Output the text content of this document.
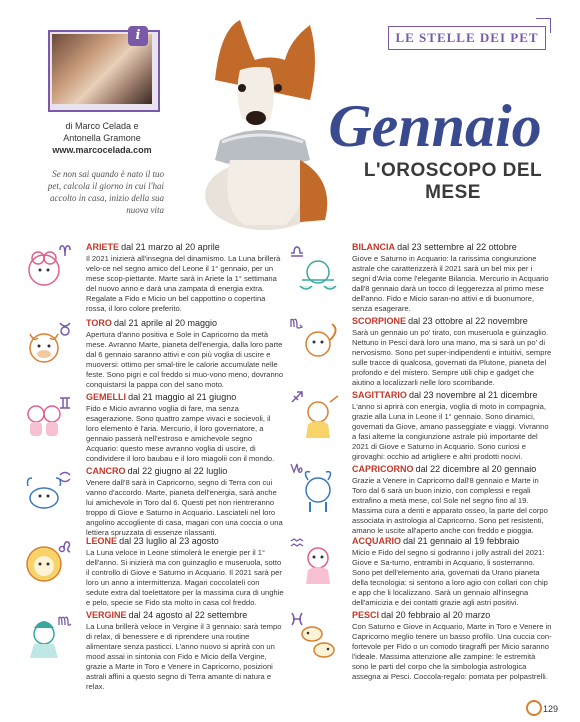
i
di Marco Celada e
Antonella Gramone
www.marcocelada.com
Se non sai quando è nato il tuo pet, calcola il giorno in cui l'hai accolto in casa, inizio della sua nuova vita
LE STELLE DEI PET
Gennaio
L'OROSCOPO DEL MESE
ARIETE dal 21 marzo al 20 aprile
Il 2021 inizierà all'insegna del dinamismo. La Luna brillerà velo-ce nel segno amico del Leone il 1° gennaio, per un mese scop-piettante. Marte sarà in Ariete la 1° settimana del nuovo anno e darà una zampata di energia extra. Regalate a Fido e Micio un bel cappottino o copertina rossa, il loro colore preferito.
TORO dal 21 aprile al 20 maggio
Apertura d'anno positiva e Sole in Capricorno da metà mese. Avranno Marte, pianeta dell'energia, dalla loro parte dal 6 gennaio saranno attivi e con più voglia di uscire e muoversi: ottimo per smal-tire le calorie accumulate nelle feste. Sono pigri e col freddo si muo-vono meno, dovranno conquistarsi la pappa con del sano moto.
GEMELLI dal 21 maggio al 21 giugno
Fido e Micio avranno voglia di fare, ma senza esagerazione. Sono quattro zampe vivaci e socievoli, il loro elemento è l'aria. Mercurio, il loro governatore, a gennaio passerà nell'estroso e amichevole segno Acquario: questo mese avranno voglia di uscire, di condividere il loro baubau e il loro miagolii con il mondo.
CANCRO dal 22 giugno al 22 luglio
Venere dall'8 sarà in Capricorno, segno di Terra con cui vanno d'accordo. Marte, pianeta dell'energia, sarà anche lui amichevole in Toro dal 6. Questi pet non rientreranno troppo di Giove e Saturno in Acquario. Lasciateli nel loro angolino accogliente di casa, magari con una coccia o una lettiera spruzzata di essenze rilassanti.
LEONE dal 23 luglio al 23 agosto
La Luna veloce in Leone stimolerà le energie per il 1° dell'anno. Si inizierà ma con guinzaglio e museruola, sotto il controllo di Giove e Saturno in Acquario. Il 2021 sarà per loro un anno a intermittenza. Magari coccolateli con sedute extra dal toelettatore per la massima cura di unghie e pelo, specie se Fido sta molto in casa col freddo.
VERGINE dal 24 agosto al 22 settembre
La Luna brillerà veloce in Vergine il 3 gennaio: sarà tempo di relax, di benessere e di riprendere una routine alimentare senza pasticci. L'anno nuovo si aprirà con un mood assai in sintonia con Fido e Micio della Vergine, grazie a Marte in Toro e Venere in Capricorno, posizioni astrali affini a questo segno di Terra amante di natura e relax.
BILANCIA dal 23 settembre al 22 ottobre
Giove e Saturno in Acquario: la rarissima congiunzione astrale che caratterizzerà il 2021 sarà un bel mix per i segni d'Aria come l'elegante Bilancia. Mercurio in Acquario dall'8 gennaio darà un tocco di leggerezza al primo mese dell'anno. Fido e Micio saran-no attivi e di buonumore, senza esagerare.
SCORPIONE dal 23 ottobre al 22 novembre
Sarà un gennaio un po' tirato, con museruola e guinzaglio. Nettuno in Pesci darà loro una mano, ma si sarà un po' di nervosismo. Sono pet super-indipendenti e intuitivi, sempre sulle tracce di qualcosa, governati da Plutone, pianeta del profondo e del mistero. Sempre utili chip e gadget che aiutino a localizzarli nelle loro scorribande.
SAGITTARIO dal 23 novembre al 21 dicembre
L'anno si aprirà con energia, voglia di moto in compagnia, grazie alla Luna in Leone il 1° gennaio. Sono dinamici, governati da Giove, amano passeggiate e viaggi. Vivranno a fasi alterne la congiunzione astrale più importante del 2021 di Giove e Saturno in Acquario. Sono curiosi e girovaghi: occhio ad artigliere e altri prodotti nocivi.
CAPRICORNO dal 22 dicembre al 20 gennaio
Grazie a Venere in Capricorno dall'8 gennaio e Marte in Toro dal 6 sarà un buon inizio, con complessi e regali extrafino a metà mese, col Sole nel segno fino al 19. Massima cura a denti e apparato osseo, la parte del corpo associata in astrologia al Capricorno. Sono pet resistenti, amano le uscite all'aperto anche con freddo e pioggia.
ACQUARIO dal 21 gennaio al 19 febbraio
Micio e Fido del segno si godranno i jolly astrali del 2021: Giove e Sa-turno, entrambi in Acquario, li sosterranno. Sono pet dell'elemento aria, governati da Urano pianeta della tecnologia: si sentono a loro agio con collari con chip e app che li localizzano. Sarà un gennaio all'insegna dell'amicizia e dei contatti grazie agli astri positivi.
PESCI dal 20 febbraio al 20 marzo
Con Saturno e Giove in Acquario, Marte in Toro e Venere in Capricorno meglio tenere un basso profilo. Una cuccia con-fortevole per Fido o un comodo tiragraffi per Micio saranno l'ideale. Massima attenzione alle zampine: le estremità sono le parti del corpo che la simbologia astrologica assegna ai Pesci. Coccola-regalo: pomata per polpastrelli.
129
